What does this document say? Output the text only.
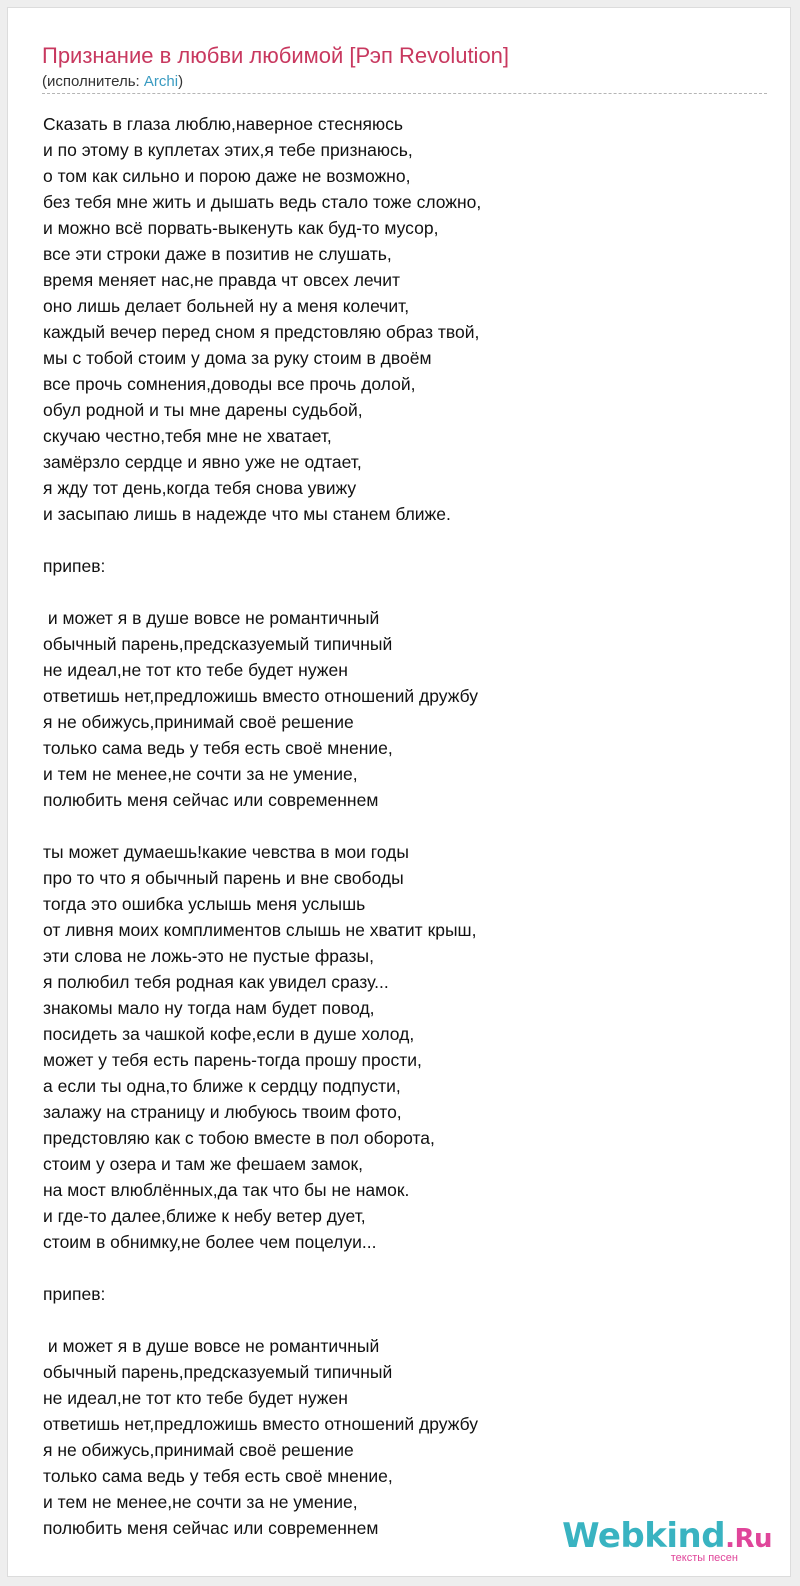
Признание в любви любимой [Рэп Revolution]
(исполнитель: Archi)
Сказать в глаза люблю,наверное стесняюсь
и по этому в куплетах этих,я тебе признаюсь,
о том как сильно и порою даже не возможно,
без тебя мне жить и дышать ведь стало тоже сложно,
и можно всё порвать-выкенуть как буд-то мусор,
все эти строки даже в позитив не слушать,
время меняет нас,не правда чт овсех лечит
оно лишь делает больней ну а меня колечит,
каждый вечер перед сном я предстовляю образ твой,
мы с тобой стоим у дома за руку стоим в двоём
все прочь сомнения,доводы все прочь долой,
обул родной и ты мне дарены судьбой,
скучаю честно,тебя мне не хватает,
замёрзло сердце и явно уже не одтает,
я жду тот день,когда тебя снова увижу
и засыпаю лишь в надежде что мы станем ближе.

припев:

и может я в душе вовсе не романтичный
обычный парень,предсказуемый типичный
не идеал,не тот кто тебе будет нужен
ответишь нет,предложишь вместо отношений дружбу
я не обижусь,принимай своё решение
только сама ведь у тебя есть своё мнение,
и тем не менее,не сочти за не умение,
полюбить меня сейчас или современнем

ты может думаешь!какие чевства в мои годы
про то что я обычный парень и вне свободы
тогда это ошибка услышь меня услышь
от ливня моих комплиментов слышь не хватит крыш,
эти слова не ложь-это не пустые фразы,
я полюбил тебя родная как увидел сразу...
знакомы мало ну тогда нам будет повод,
посидеть за чашкой кофе,если в душе холод,
может у тебя есть парень-тогда прошу прости,
а если ты одна,то ближе к сердцу подпусти,
залажу на страницу и любуюсь твоим фото,
предстовляю как с тобою вместе в пол оборота,
стоим у озера и там же фешаем замок,
на мост влюблённых,да так что бы не намок.
и где-то далее,ближе к небу ветер дует,
стоим в обнимку,не более чем поцелуи...

припев:

и может я в душе вовсе не романтичный
обычный парень,предсказуемый типичный
не идеал,не тот кто тебе будет нужен
ответишь нет,предложишь вместо отношений дружбу
я не обижусь,принимай своё решение
только сама ведь у тебя есть своё мнение,
и тем не менее,не сочти за не умение,
полюбить меня сейчас или современнем	Webkind.Ru
тексты песен
